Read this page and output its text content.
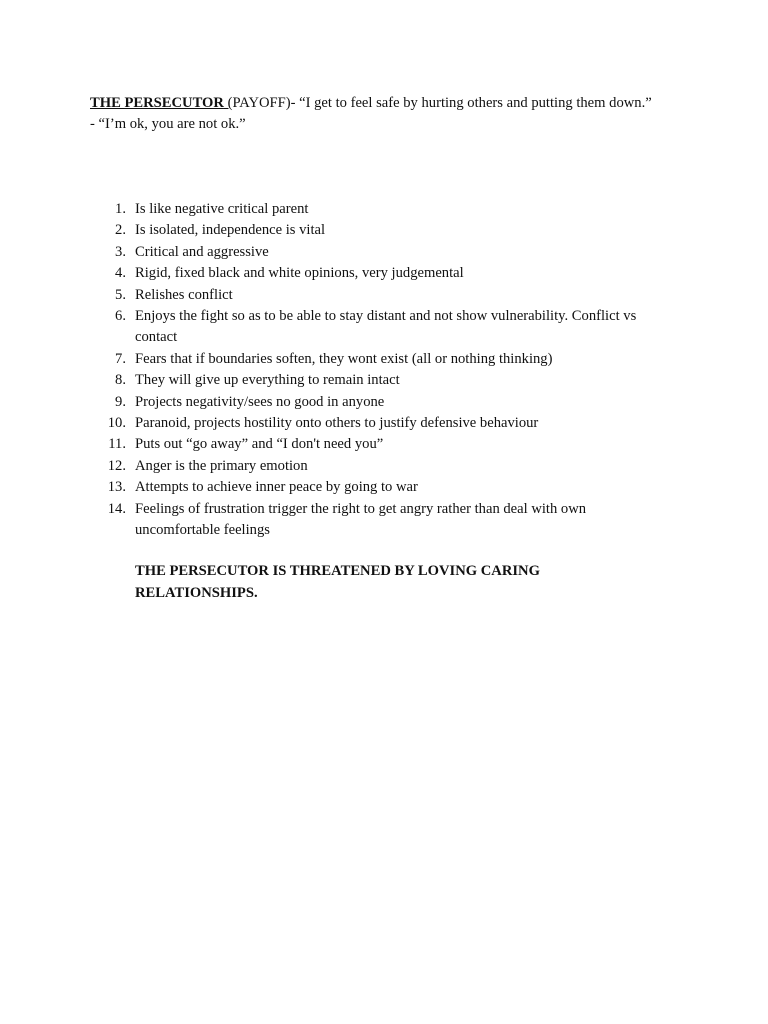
THE PERSECUTOR (PAYOFF)- “I get to feel safe by hurting others and putting them down.”
- “I’m ok, you are not ok.”
1. Is like negative critical parent
2. Is isolated, independence is vital
3. Critical and aggressive
4. Rigid, fixed black and white opinions, very judgemental
5. Relishes conflict
6. Enjoys the fight so as to be able to stay distant and not show vulnerability. Conflict vs contact
7. Fears that if boundaries soften, they wont exist (all or nothing thinking)
8. They will give up everything to remain intact
9. Projects negativity/sees no good in anyone
10. Paranoid, projects hostility onto others to justify defensive behaviour
11. Puts out “go away” and “I don't need you”
12. Anger is the primary emotion
13. Attempts to achieve inner peace by going to war
14. Feelings of frustration trigger the right to get angry rather than deal with own uncomfortable feelings
THE PERSECUTOR IS THREATENED BY LOVING CARING RELATIONSHIPS.
